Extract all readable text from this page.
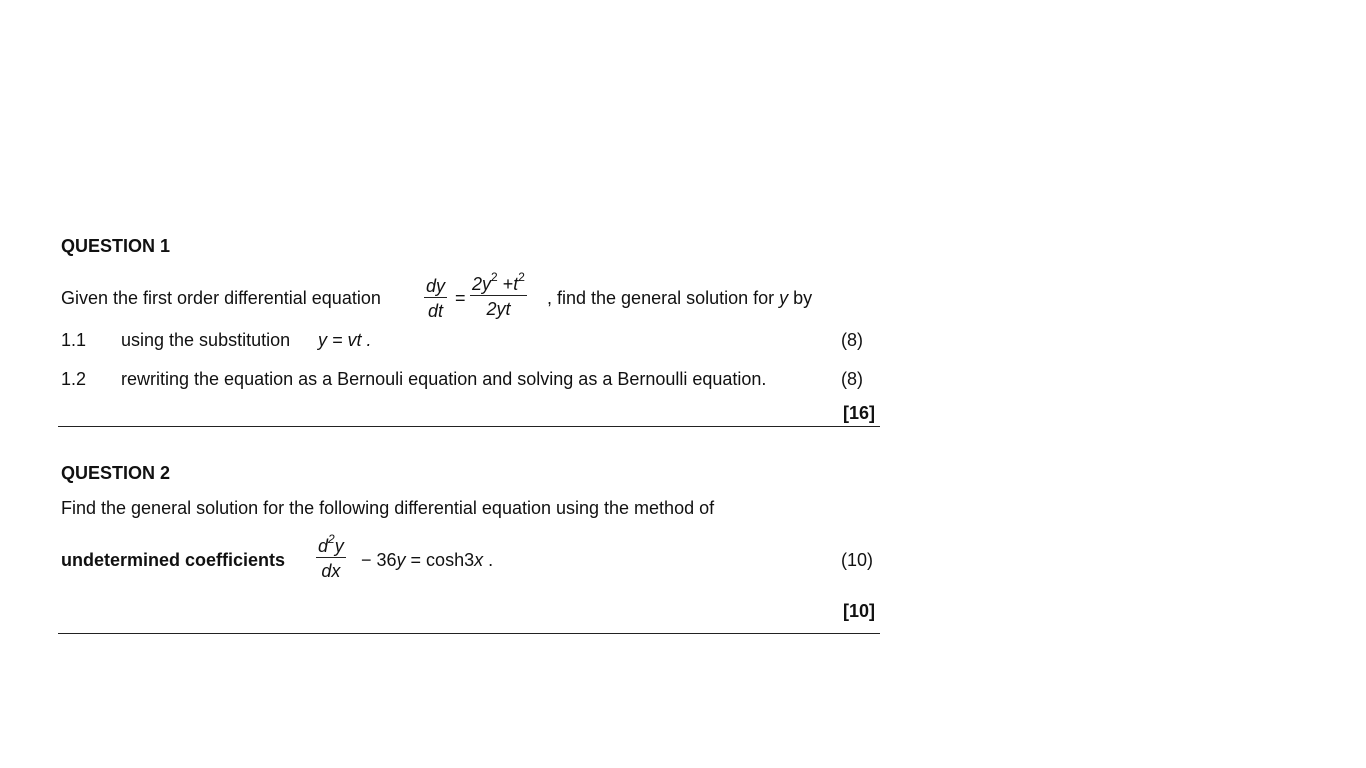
QUESTION 1
Given the first order differential equation
dy
dt
=
$2y^2 +t^2$
2yt
, find the general solution for y by
1.1 using the substitution y = vt .	(8)
1.2 rewriting the equation as a Bernouli equation and solving as a Bernoulli equation.	(8)
[16]
QUESTION 2
Find the general solution for the following differential equation using the method of
undetermined coefficients
$d^2y$
dx
− 36y = cosh3x .	(10)
[10]
